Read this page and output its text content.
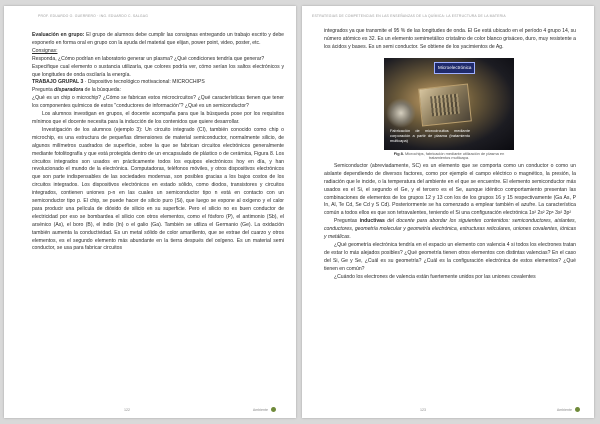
PROF. EDUARDO O. GUERRERO · ING. EDUARDO C. SALGAG

Evaluación en grupo: El grupo de alumnos debe cumplir las consignas entregando un trabajo escrito y debe exponerlo en forma oral en grupo con la ayuda del material que elijan, power point, video, poster, etc.

Consignas:

Responda, ¿Cómo podrían en laboratorio generar un plasma? ¿Qué condiciones tendría que generar?

Especifique cual elemento o sustancia utilizaría, que colores podría ver, cómo serían los saltos electrónicos y que longitudes de onda oscilaría la energía.

TRABAJO GRUPAL 3 · Dispositivo tecnológico motivacional: MICROCHIPS

Pregunta disparadora de la búsqueda:

¿Qué es un chip o microchip? ¿Cómo se fabrican estos microcircuitos? ¿Qué características tienen que tener los componentes químicos de estos "conductores de información"? ¿Qué es un semiconductor?

Los alumnos investigan en grupos, el docente acompaña para que la búsqueda pose por los requisitos mínimos que el docente necesita para la inducción de los contenidos que quiere desarrollar.

Investigación de los alumnos (ejemplo 3): Un circuito integrado (CI), también conocido como chip o microchip, es una estructura de pequeñas dimensiones de material semiconductor, normalmente silicio, de algunos milímetros cuadrados de superficie, sobre la que se fabrican circuitos electrónicos generalmente mediante fotolitografía y que está protegida dentro de un encapsulado de plástico o de cerámica, Figura 8. Los circuitos integrados son usados en prácticamente todos los equipos electrónicos hoy en día, y han revolucionado el mundo de la electrónica. Computadoras, teléfonos móviles, y otros dispositivos electrónicos que son parte indispensables de las sociedades modernas, son posibles gracias a los bajos costos de los circuitos integrados. Los dispositivos electrónicos en estado sólido, como diodos, transistores y circuitos integrados, contienen uniones p-n en las cuales un semiconductor tipo n está en contacto con un semiconductor tipo p. El chip, se puede hacer de silicio puro (Si), que luego se expone al oxígeno y el calor para producir una película de dióxido de silicio en su superficie. Pero el silicio no es buen conductor de electricidad por eso se bombardea el silicio con otros elementos, como el fósforo (P), el antimonio (Sb), el arsénico (As), el boro (B), el indio (In) o el galio (Ga). También se utiliza el Germanio (Ge). La oxidación también aumenta la conductividad. Es un metal sólido de color amarillento, que se extrae del cuarzo y otros elementos, es el segundo elemento más abundante en la tierra después del oxígeno. Es un material semi conductor, se usa para fabricar circuitos

122	Ambiente
ESTRATEGIAS DE COMPETENCIAS EN LAS ENSEÑANZAS DE LA QUÍMICA: LA ESTRUCTURA DE LA MATERIA

integrados ya que transmite el 95 % de las longitudes de onda. El Ge está ubicado en el período 4 grupo 14, su número atómico es 32. Es un elemento semimetálico cristalino de color blanco grisáceo, duro, muy resistente a los ácidos y bases. Es un semi conductor. Se obtiene de los yacimientos de Ag.

Microelectrónica
Fabricación de microcircuitos mediante corporación a partir de plasma (tratamiento multicapa)
Fig 8. Microchips, fabricación mediante utilización de plasma en tratamientos multicapa.

Semiconductor (abreviadamente, SC) es un elemento que se comporta como un conductor o como un aislante dependiendo de diversos factores, como por ejemplo el campo eléctrico o magnético, la presión, la radiación que le incide, o la temperatura del ambiente en el que se encuentre. El elemento semiconductor más usados es el Si, el segundo el Ge, y el tercero es el Se, aunque idéntico comportamiento presentan las combinaciones de elementos de los grupos 12 y 13 con los de los grupos 16 y 15 respectivamente (Ga As, P In, Al, Te Cd, Se Cd y S Cd). Posteriormente se ha comenzado a emplear también el azufre. La característica común a todos ellos es que son tetravalentes, teniendo el Si una configuración electrónica 1s² 2s² 2p⁶ 3s² 3p²

Preguntas inductivas del docente para abordar los siguientes contenidos: semiconductores, aislantes, conductores, geometría molecular y geometría electrónica, estructuras reticulares, uniones covalentes, iónicas y metálicas.

¿Qué geometría electrónica tendría en el espacio un elemento con valencia 4 si todos los electrones tratan de estar lo más alejados posibles? ¿Qué geometría tienen otros elementos con distintas valencias? En el caso del Si, Ge y Se, ¿Cuál es su geometría? ¿Cuál es la configuración electrónica de estos elementos? ¿Qué tienen en común?

¿Cuándo los electrones de valencia están fuertemente unidos por las uniones covalentes

123	Ambiente
